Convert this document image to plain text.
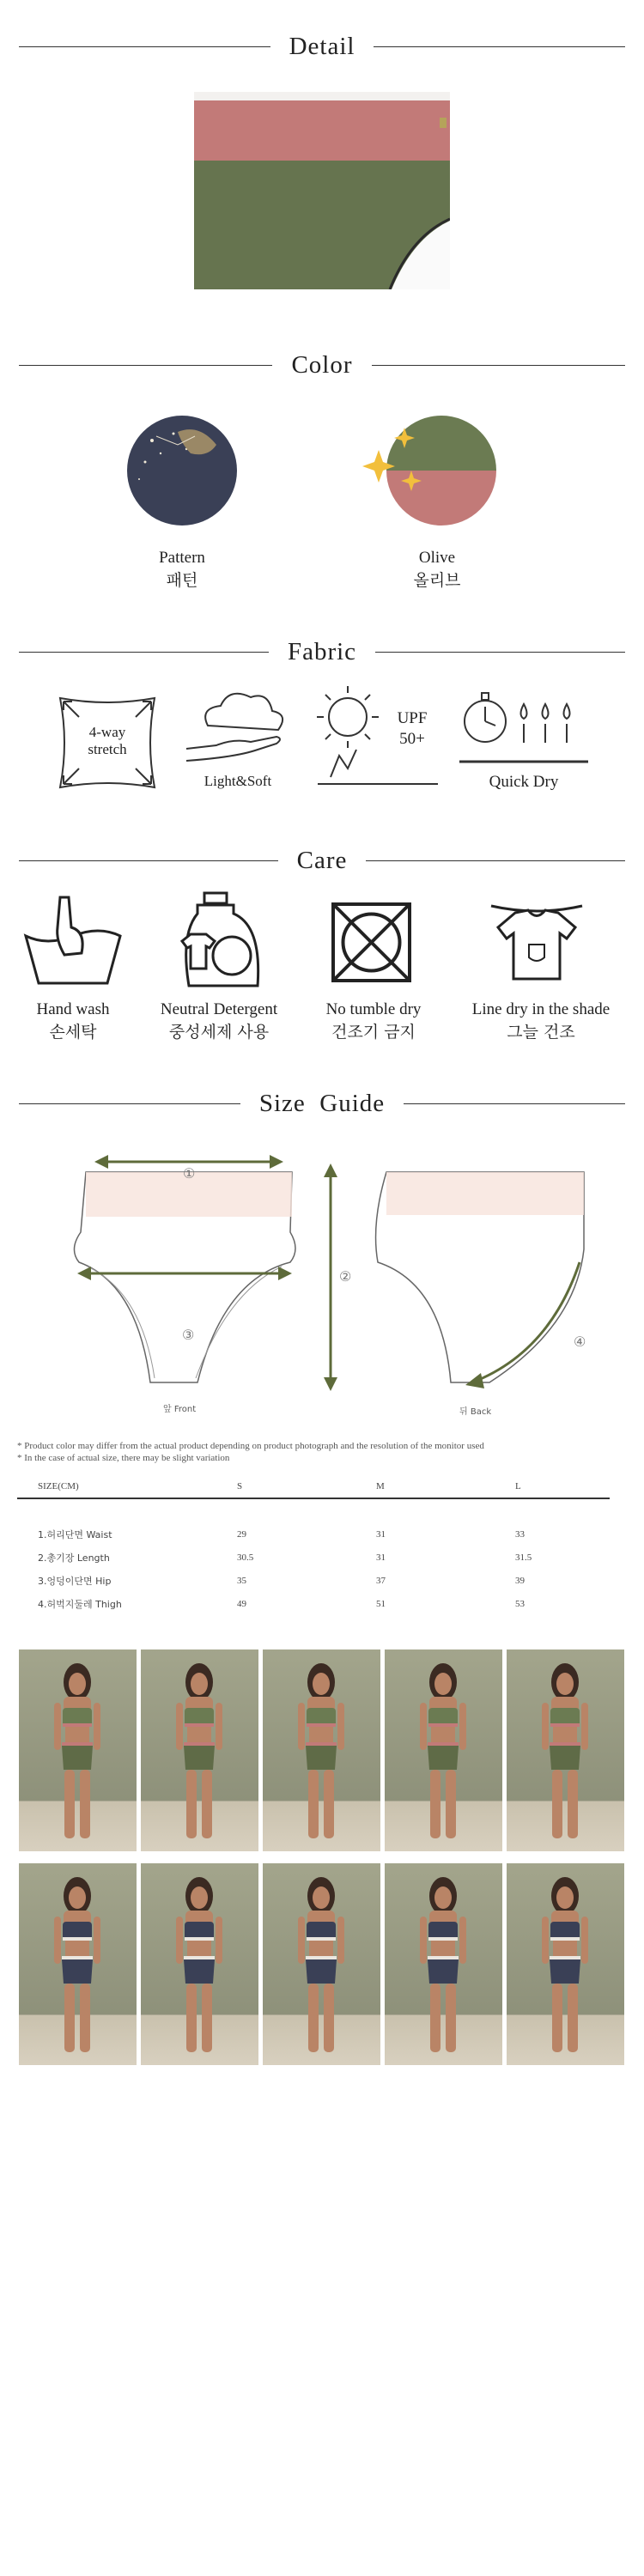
Detail
Color
Pattern
패턴
Olive
올리브
Fabric
4-way
stretch
Light&Soft
UPF
50+
Quick Dry
Care
Hand wash
손세탁
Neutral Detergent
중성세제 사용
No tumble dry
건조기 금지
Line dry in the shade
그늘 건조
Size  Guide
①
②
③	④
앞 Front	뒤 Back
* Product color may differ from the actual product depending on product photograph and the resolution of the monitor used
* In the case of actual size, there may be slight variation
SIZE(CM)	S	M	L

1.허리단면 Waist	29	31	33
2.총기장 Length	30.5	31	31.5
3.엉덩이단면 Hip	35	37	39
4.허벅지둘레 Thigh	49	51	53
